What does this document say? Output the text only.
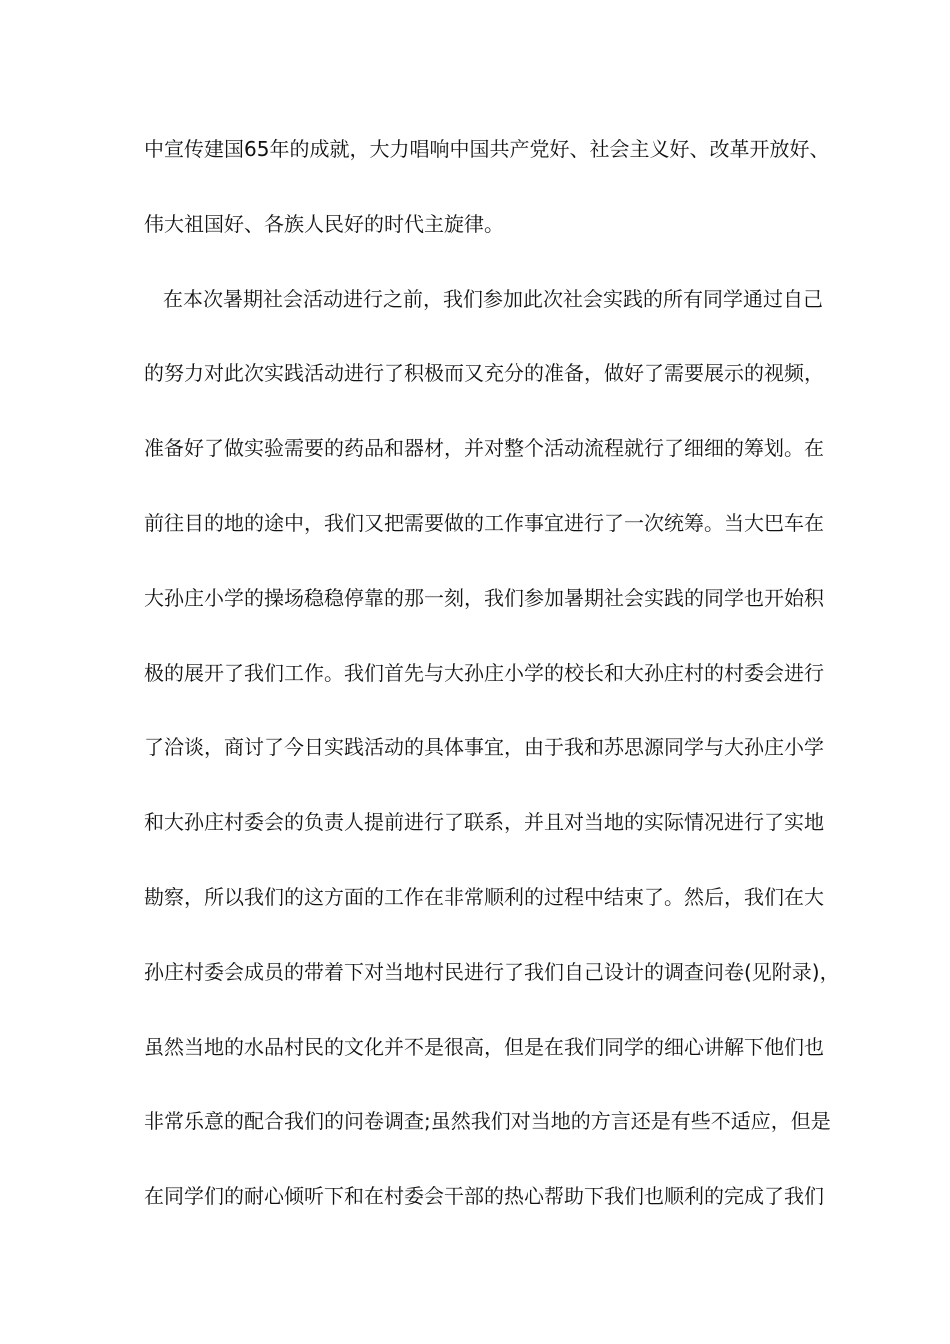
中宣传建国65年的成就，大力唱响中国共产党好、社会主义好、改革开放好、
伟大祖国好、各族人民好的时代主旋律。
在本次暑期社会活动进行之前，我们参加此次社会实践的所有同学通过自己
的努力对此次实践活动进行了积极而又充分的准备，做好了需要展示的视频，
准备好了做实验需要的药品和器材，并对整个活动流程就行了细细的筹划。在
前往目的地的途中，我们又把需要做的工作事宜进行了一次统筹。当大巴车在
大孙庄小学的操场稳稳停靠的那一刻，我们参加暑期社会实践的同学也开始积
极的展开了我们工作。我们首先与大孙庄小学的校长和大孙庄村的村委会进行
了洽谈，商讨了今日实践活动的具体事宜，由于我和苏思源同学与大孙庄小学
和大孙庄村委会的负责人提前进行了联系，并且对当地的实际情况进行了实地
勘察，所以我们的这方面的工作在非常顺利的过程中结束了。然后，我们在大
孙庄村委会成员的带着下对当地村民进行了我们自己设计的调查问卷(见附录)，
虽然当地的水品村民的文化并不是很高，但是在我们同学的细心讲解下他们也
非常乐意的配合我们的问卷调查;虽然我们对当地的方言还是有些不适应，但是
在同学们的耐心倾听下和在村委会干部的热心帮助下我们也顺利的完成了我们
